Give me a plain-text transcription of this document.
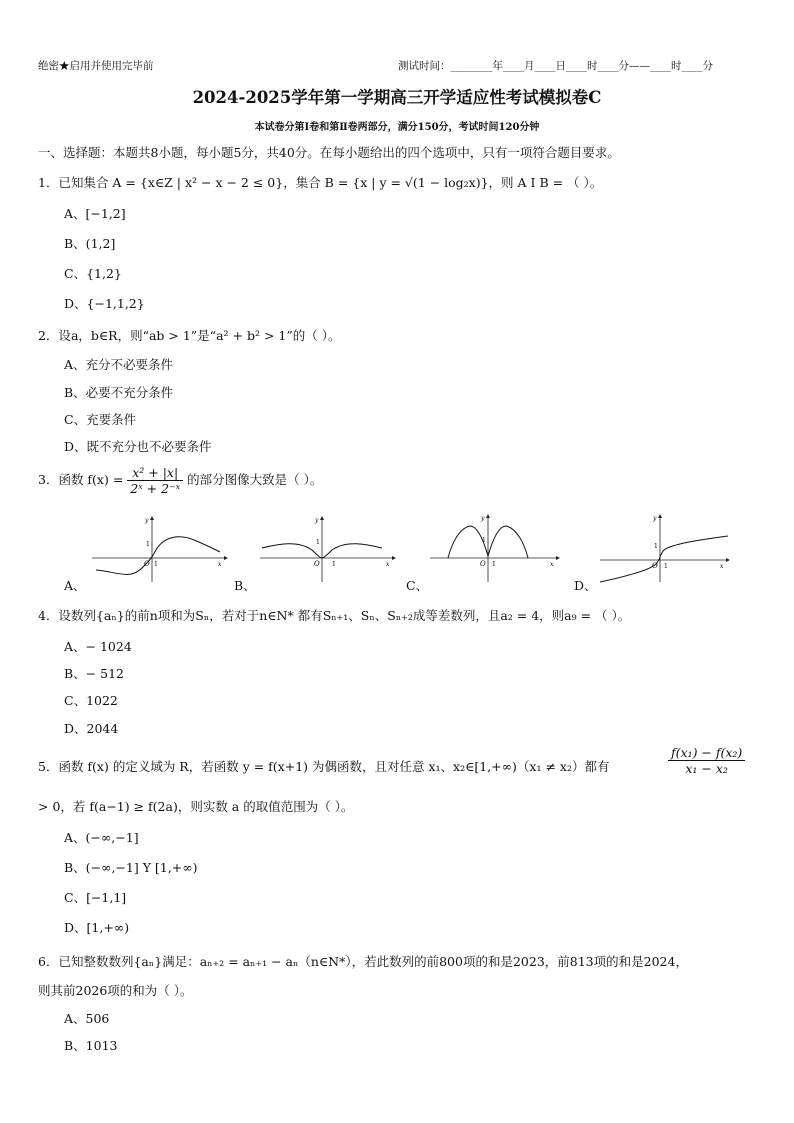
绝密★启用并使用完毕前	测试时间：________年____月____日____时____分——____时____分
2024-2025学年第一学期高三开学适应性考试模拟卷C
本试卷分第Ⅰ卷和第Ⅱ卷两部分，满分150分，考试时间120分钟
一、选择题：本题共8小题，每小题5分，共40分。在每小题给出的四个选项中，只有一项符合题目要求。
1．已知集合 A = {x∈Z | x² − x − 2 ≤ 0}，集合 B = {x | y = √(1 − log₂x)}，则 A I B = （ ）。
A、[−1,2]
B、(1,2]
C、{1,2}
D、{−1,1,2}
2．设a，b∈R，则“ab > 1”是“a² + b² > 1”的（ ）。
A、充分不必要条件
B、必要不充分条件
C、充要条件
D、既不充分也不必要条件
3．函数 $f(x) = \frac{\text{x² + |x|}}{\text{2ˣ + 2⁻ˣ}}$ 的部分图像大致是（ ）。
x
y
O 1
1
A、
x
y
O 1
1
B、
x
y
O 1
1
C、
x
y
O 1
1
D、
4．设数列{aₙ}的前n项和为Sₙ，若对于n∈N* 都有Sₙ₊₁、Sₙ、Sₙ₊₂成等差数列，且a₂ = 4，则a₉ = （ ）。
A、− 1024
B、− 512
C、1022
D、2044
5．函数 f(x) 的定义域为 R，若函数 y = f(x+1) 为偶函数，且对任意 x₁、x₂∈[1,+∞)（x₁ ≠ x₂）都有	$\frac{\text{f(x₁) − f(x₂)}}{\text{x₁ − x₂}}$
> 0，若 f(a−1) ≥ f(2a)，则实数 a 的取值范围为（ ）。
A、(−∞,−1]
B、(−∞,−1] Y [1,+∞)
C、[−1,1]
D、[1,+∞)
6．已知整数数列{aₙ}满足：aₙ₊₂ = aₙ₊₁ − aₙ（n∈N*），若此数列的前800项的和是2023，前813项的和是2024，
则其前2026项的和为（ ）。
A、506
B、1013
